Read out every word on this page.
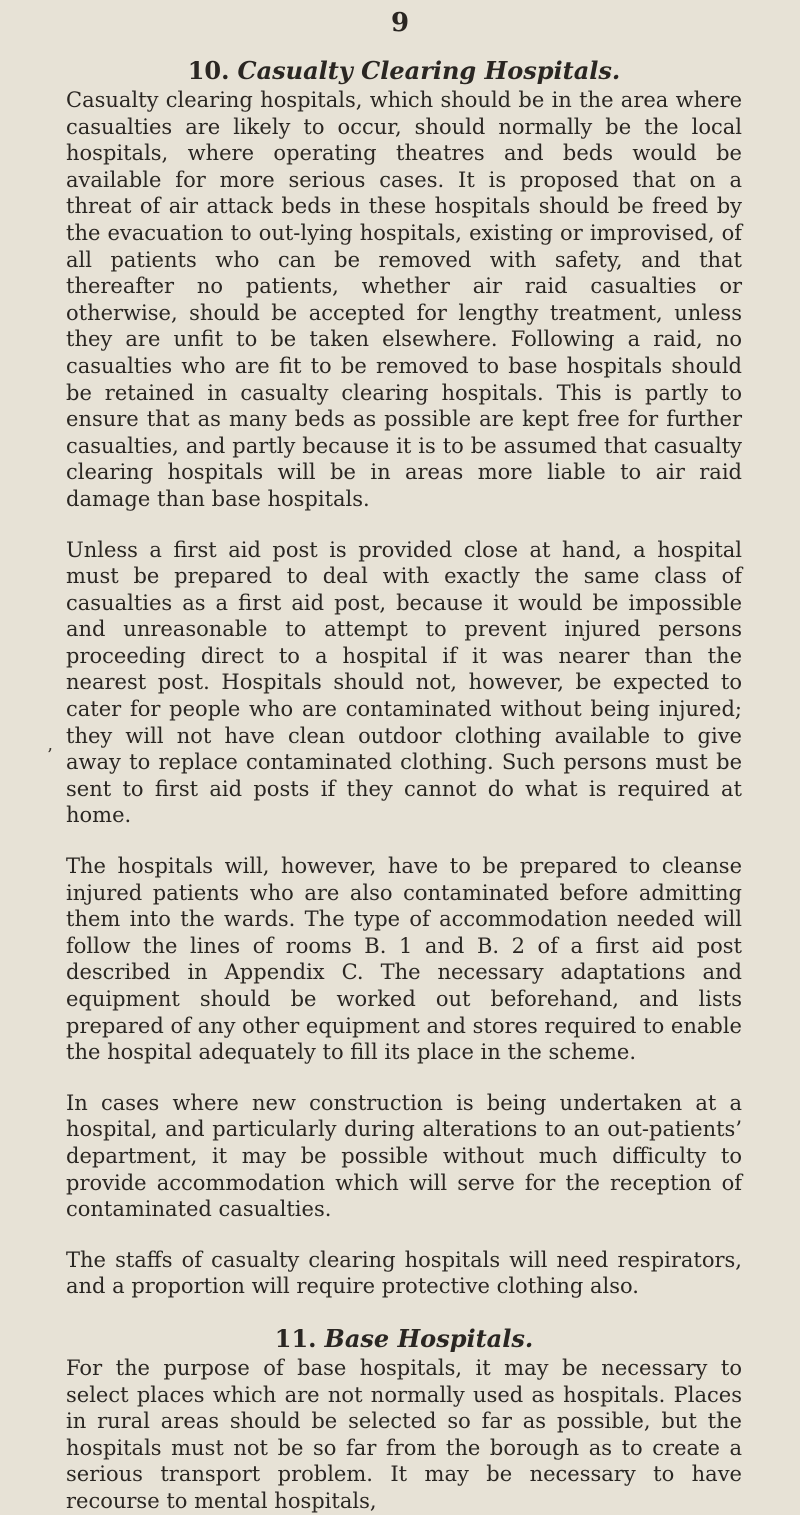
9
10. Casualty Clearing Hospitals.

Casualty clearing hospitals, which should be in the area where casualties are likely to occur, should normally be the local hospitals, where operating theatres and beds would be available for more serious cases. It is proposed that on a threat of air attack beds in these hospitals should be freed by the evacuation to out-lying hospitals, existing or improvised, of all patients who can be removed with safety, and that thereafter no patients, whether air raid casualties or otherwise, should be accepted for lengthy treatment, unless they are unfit to be taken elsewhere. Following a raid, no casualties who are fit to be removed to base hospitals should be retained in casualty clearing hospitals. This is partly to ensure that as many beds as possible are kept free for further casualties, and partly because it is to be assumed that casualty clearing hospitals will be in areas more liable to air raid damage than base hospitals.

Unless a first aid post is provided close at hand, a hospital must be prepared to deal with exactly the same class of casualties as a first aid post, because it would be impossible and unreasonable to attempt to prevent injured persons proceeding direct to a hospital if it was nearer than the nearest post. Hospitals should not, however, be expected to cater for people who are contaminated without being injured; they will not have clean outdoor clothing available to give away to replace contaminated clothing. Such persons must be sent to first aid posts if they cannot do what is required at home.

The hospitals will, however, have to be prepared to cleanse injured patients who are also contaminated before admitting them into the wards. The type of accommodation needed will follow the lines of rooms B. 1 and B. 2 of a first aid post described in Appendix C. The necessary adaptations and equipment should be worked out beforehand, and lists prepared of any other equipment and stores required to enable the hospital adequately to fill its place in the scheme.

In cases where new construction is being undertaken at a hospital, and particularly during alterations to an out-patients’ department, it may be possible without much difficulty to provide accommodation which will serve for the reception of contaminated casualties.

The staffs of casualty clearing hospitals will need respirators, and a proportion will require protective clothing also.

11. Base Hospitals.

For the purpose of base hospitals, it may be necessary to select places which are not normally used as hospitals. Places in rural areas should be selected so far as possible, but the hospitals must not be so far from the borough as to create a serious transport problem. It may be necessary to have recourse to mental hospitals,

’
